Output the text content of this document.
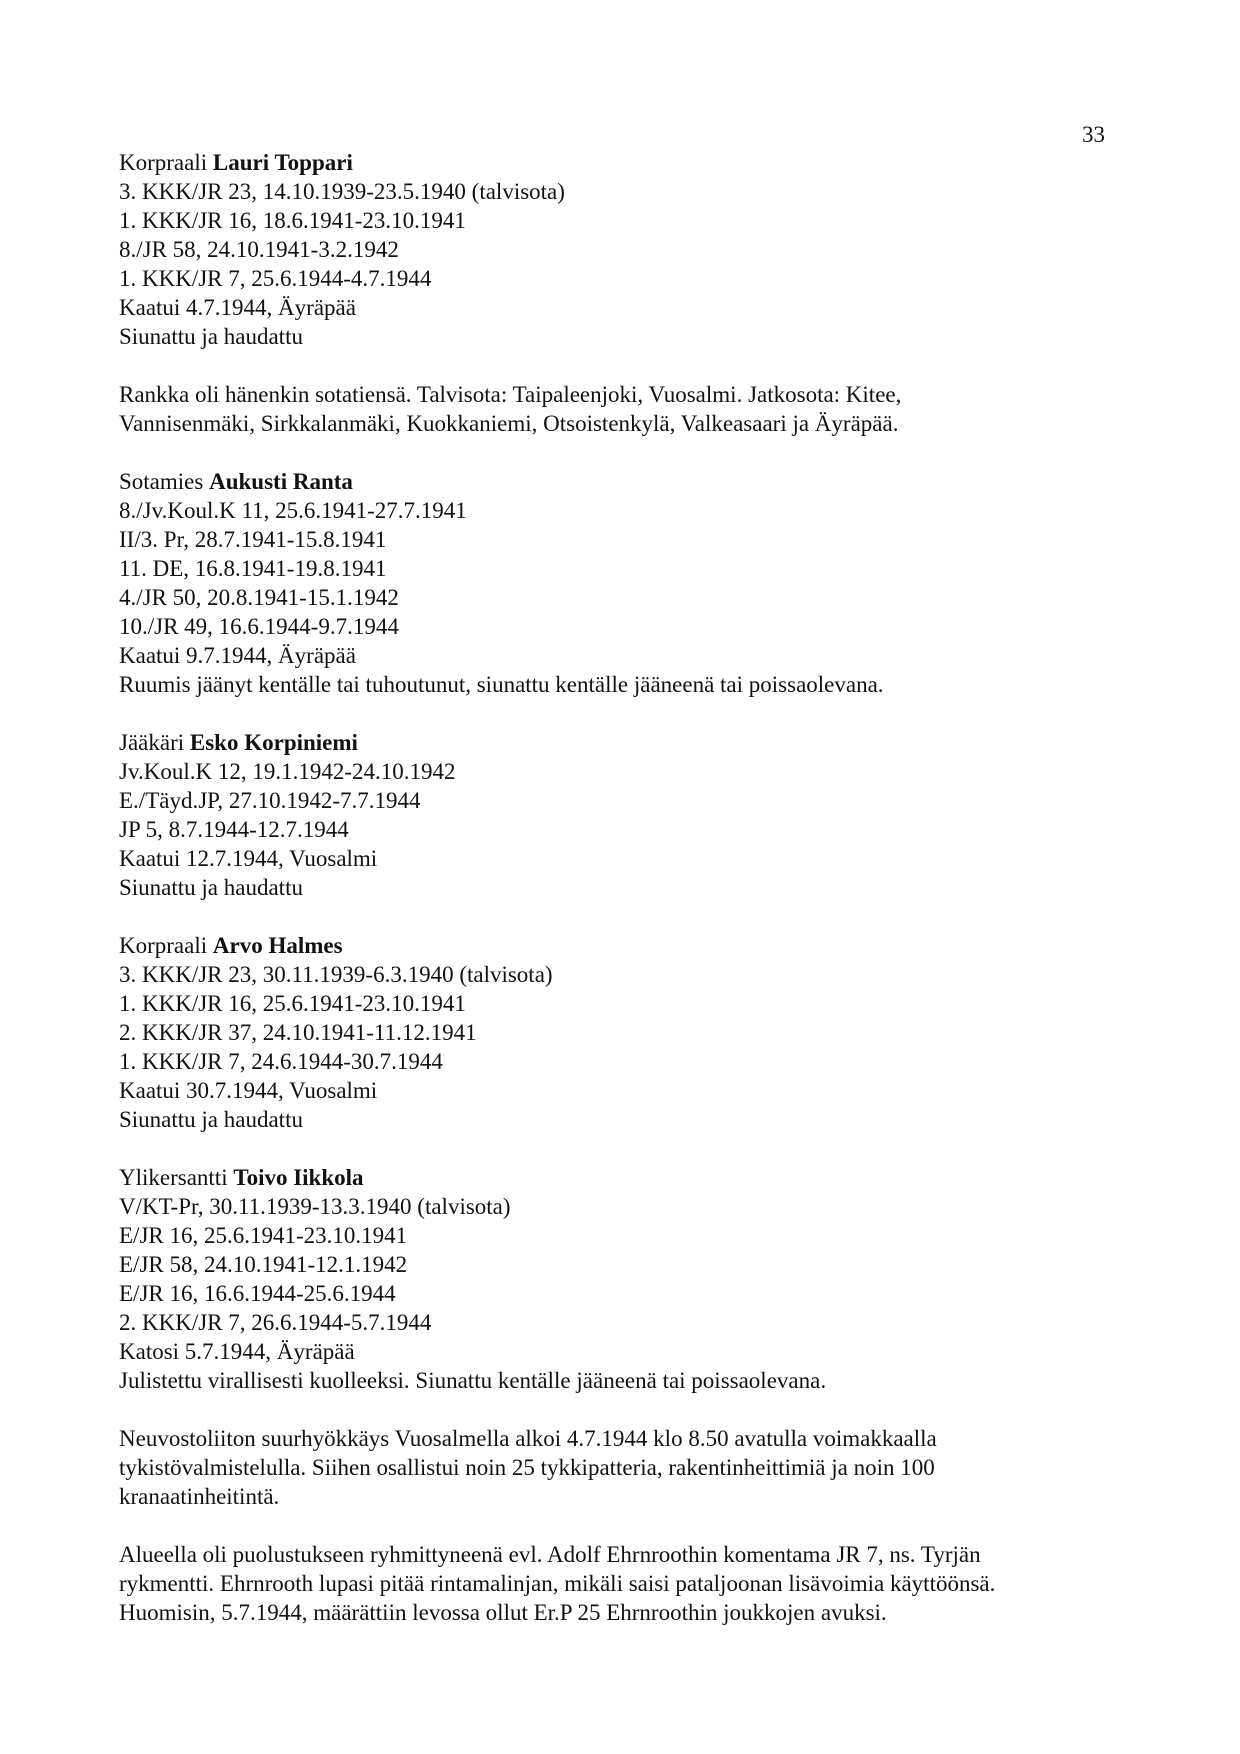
33
Korpraali Lauri Toppari
3. KKK/JR 23, 14.10.1939-23.5.1940 (talvisota)
1. KKK/JR 16, 18.6.1941-23.10.1941
8./JR 58, 24.10.1941-3.2.1942
1. KKK/JR 7, 25.6.1944-4.7.1944
Kaatui 4.7.1944, Äyräpää
Siunattu ja haudattu
Rankka oli hänenkin sotatiensä. Talvisota: Taipaleenjoki, Vuosalmi. Jatkosota: Kitee,
Vannisenmäki, Sirkkalanmäki, Kuokkaniemi, Otsoistenkylä, Valkeasaari ja Äyräpää.
Sotamies Aukusti Ranta
8./Jv.Koul.K 11, 25.6.1941-27.7.1941
II/3. Pr, 28.7.1941-15.8.1941
11. DE, 16.8.1941-19.8.1941
4./JR 50, 20.8.1941-15.1.1942
10./JR 49, 16.6.1944-9.7.1944
Kaatui 9.7.1944, Äyräpää
Ruumis jäänyt kentälle tai tuhoutunut, siunattu kentälle jääneenä tai poissaolevana.
Jääkäri Esko Korpiniemi
Jv.Koul.K 12, 19.1.1942-24.10.1942
E./Täyd.JP, 27.10.1942-7.7.1944
JP 5, 8.7.1944-12.7.1944
Kaatui 12.7.1944, Vuosalmi
Siunattu ja haudattu
Korpraali Arvo Halmes
3. KKK/JR 23, 30.11.1939-6.3.1940 (talvisota)
1. KKK/JR 16, 25.6.1941-23.10.1941
2. KKK/JR 37, 24.10.1941-11.12.1941
1. KKK/JR 7, 24.6.1944-30.7.1944
Kaatui 30.7.1944, Vuosalmi
Siunattu ja haudattu
Ylikersantti Toivo Iikkola
V/KT-Pr, 30.11.1939-13.3.1940 (talvisota)
E/JR 16, 25.6.1941-23.10.1941
E/JR 58, 24.10.1941-12.1.1942
E/JR 16, 16.6.1944-25.6.1944
2. KKK/JR 7, 26.6.1944-5.7.1944
Katosi 5.7.1944, Äyräpää
Julistettu virallisesti kuolleeksi. Siunattu kentälle jääneenä tai poissaolevana.
Neuvostoliiton suurhyökkäys Vuosalmella alkoi 4.7.1944 klo 8.50 avatulla voimakkaalla
tykistövalmistelulla. Siihen osallistui noin 25 tykkipatteria, rakentinheittimiä ja noin 100
kranaatinheitintä.
Alueella oli puolustukseen ryhmittyneenä evl. Adolf Ehrnroothin komentama JR 7, ns. Tyrjän
rykmentti. Ehrnrooth lupasi pitää rintamalinjan, mikäli saisi pataljoonan lisävoimia käyttöönsä.
Huomisin, 5.7.1944, määrättiin levossa ollut Er.P 25 Ehrnroothin joukkojen avuksi.
